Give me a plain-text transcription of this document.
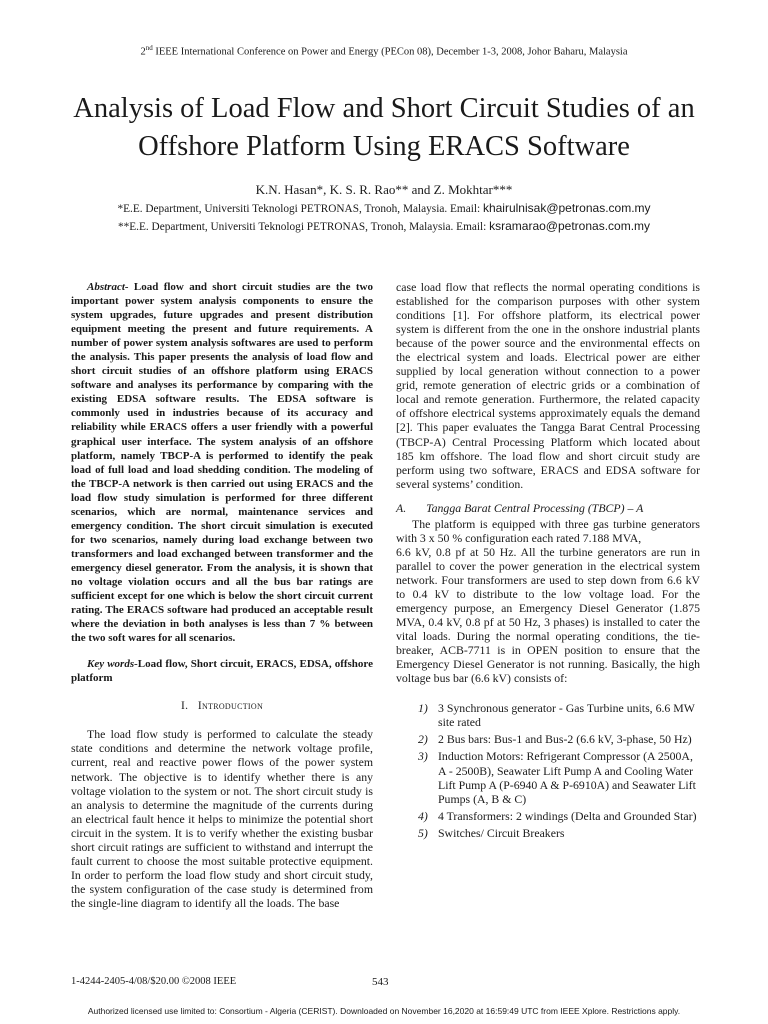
2nd IEEE International Conference on Power and Energy (PECon 08), December 1-3, 2008, Johor Baharu, Malaysia
Analysis of Load Flow and Short Circuit Studies of an Offshore Platform Using ERACS Software
K.N. Hasan*, K. S. R. Rao** and Z. Mokhtar***
*E.E. Department, Universiti Teknologi PETRONAS, Tronoh, Malaysia. Email: khairulnisak@petronas.com.my
**E.E. Department, Universiti Teknologi PETRONAS, Tronoh, Malaysia. Email: ksramarao@petronas.com.my

Abstract- Load flow and short circuit studies are the two important power system analysis components to ensure the system upgrades, future upgrades and present distribution equipment meeting the present and future requirements. A number of power system analysis softwares are used to perform the analysis. This paper presents the analysis of load flow and short circuit studies of an offshore platform using ERACS software and analyses its performance by comparing with the existing EDSA software results. The EDSA software is commonly used in industries because of its accuracy and reliability while ERACS offers a user friendly with a powerful graphical user interface. The system analysis of an offshore platform, namely TBCP-A is performed to identify the peak load of full load and load shedding condition. The modeling of the TBCP-A network is then carried out using ERACS and the load flow study simulation is performed for three different scenarios, which are normal, maintenance services and emergency condition. The short circuit simulation is executed for two scenarios, namely during load exchange between two transformers and load exchanged between transformer and the emergency diesel generator. From the analysis, it is shown that no voltage violation occurs and all the bus bar ratings are sufficient except for one which is below the short circuit current rating. The ERACS software had produced an acceptable result where the deviation in both analyses is less than 7 % between the two soft wares for all scenarios.

Key words-Load flow, Short circuit, ERACS, EDSA, offshore platform

I. Introduction

The load flow study is performed to calculate the steady state conditions and determine the network voltage profile, current, real and reactive power flows of the power system network. The objective is to identify whether there is any voltage violation to the system or not. The short circuit study is an analysis to determine the magnitude of the currents during an electrical fault hence it helps to minimize the potential short circuit in the system. It is to verify whether the existing busbar short circuit ratings are sufficient to withstand and interrupt the fault current to choose the most suitable protective equipment. In order to perform the load flow study and short circuit study, the system configuration of the case study is determined from the single-line diagram to identify all the loads. The base

case load flow that reflects the normal operating conditions is established for the comparison purposes with other system conditions [1]. For offshore platform, its electrical power system is different from the one in the onshore industrial plants because of the power source and the environmental effects on the electrical system and loads. Electrical power are either supplied by local generation without connection to a power grid, remote generation of electric grids or a combination of local and remote generation. Furthermore, the related capacity of offshore electrical systems approximately equals the demand [2]. This paper evaluates the Tangga Barat Central Processing (TBCP-A) Central Processing Platform which located about 185 km offshore. The load flow and short circuit study are perform using two software, ERACS and EDSA software for several systems’ condition.

A. Tangga Barat Central Processing (TBCP) – A

The platform is equipped with three gas turbine generators with 3 x 50 % configuration each rated 7.188 MVA,

6.6 kV, 0.8 pf at 50 Hz. All the turbine generators are run in parallel to cover the power generation in the electrical system network. Four transformers are used to step down from 6.6 kV to 0.4 kV to distribute to the low voltage load. For the emergency purpose, an Emergency Diesel Generator (1.875 MVA, 0.4 kV, 0.8 pf at 50 Hz, 3 phases) is installed to cater the vital loads. During the normal operating conditions, the tie-breaker, ACB-7711 is in OPEN position to ensure that the Emergency Diesel Generator is not running. Basically, the high voltage bus bar (6.6 kV) consists of:

1) 3 Synchronous generator - Gas Turbine units, 6.6 MW site rated
2) 2 Bus bars: Bus-1 and Bus-2 (6.6 kV, 3-phase, 50 Hz)
3) Induction Motors: Refrigerant Compressor (A 2500A, A - 2500B), Seawater Lift Pump A and Cooling Water Lift Pump A (P-6940 A & P-6910A) and Seawater Lift Pumps (A, B & C)
4) 4 Transformers: 2 windings (Delta and Grounded Star)
5) Switches/ Circuit Breakers
1-4244-2405-4/08/$20.00 ©2008 IEEE	543
Authorized licensed use limited to: Consortium - Algeria (CERIST). Downloaded on November 16,2020 at 16:59:49 UTC from IEEE Xplore. Restrictions apply.
